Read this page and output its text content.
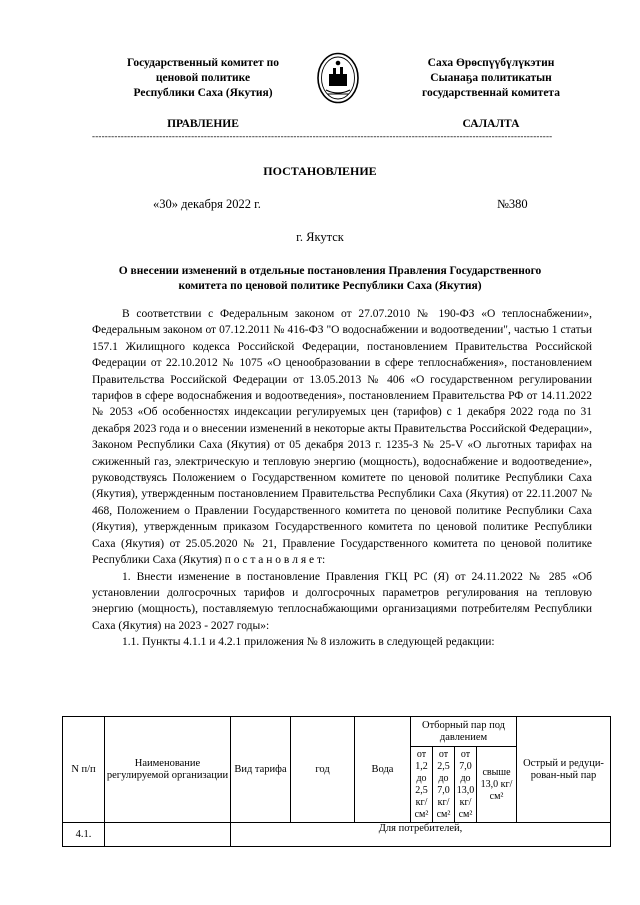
Государственный комитет по
ценовой политике
Республики Саха (Якутия)
Саха Өрөспүүбүлүкэтин
Сыанаҕа политикатын
государственнай комитета
ПРАВЛЕНИЕ	САЛАЛТА
------------------------------------------------------------------------------------------------------------------------------------------------
ПОСТАНОВЛЕНИЕ
«30» декабря 2022 г.	№380
г. Якутск
О внесении изменений в отдельные постановления Правления Государственного комитета по ценовой политике Республики Саха (Якутия)

В соответствии с Федеральным законом от 27.07.2010 № 190-ФЗ «О теплоснабжении», Федеральным законом от 07.12.2011 № 416-ФЗ "О водоснабжении и водоотведении", частью 1 статьи 157.1 Жилищного кодекса Российской Федерации, постановлением Правительства Российской Федерации от 22.10.2012 № 1075 «О ценообразовании в сфере теплоснабжения», постановлением Правительства Российской Федерации от 13.05.2013 № 406 «О государственном регулировании тарифов в сфере водоснабжения и водоотведения», постановлением Правительства РФ от 14.11.2022 № 2053 «Об особенностях индексации регулируемых цен (тарифов) с 1 декабря 2022 года по 31 декабря 2023 года и о внесении изменений в некоторые акты Правительства Российской Федерации», Законом Республики Саха (Якутия) от 05 декабря 2013 г. 1235-З № 25-V «О льготных тарифах на сжиженный газ, электрическую и тепловую энергию (мощность), водоснабжение и водоотведение», руководствуясь Положением о Государственном комитете по ценовой политике Республики Саха (Якутия), утвержденным постановлением Правительства Республики Саха (Якутия) от 22.11.2007 № 468, Положением о Правлении Государственного комитета по ценовой политике Республики Саха (Якутия), утвержденным приказом Государственного комитета по ценовой политике Республики Саха (Якутия) от 25.05.2020 № 21, Правление Государственного комитета по ценовой политике Республики Саха (Якутия) п о с т а н о в л я е т:

1. Внести изменение в постановление Правления ГКЦ РС (Я) от 24.11.2022 № 285 «Об установлении долгосрочных тарифов и долгосрочных параметров регулирования на тепловую энергию (мощность), поставляемую теплоснабжающими организациями потребителям Республики Саха (Якутия) на 2023 - 2027 годы»:

1.1. Пункты 4.1.1 и 4.2.1 приложения № 8 изложить в следующей редакции:

N п/п	Наименование регулируемой организации	Вид тарифа	год	Вода	Отборный пар под давлением				Острый и редуци-рован-ный пар
					от 1,2 до 2,5 кг/см²	от 2,5 до 7,0 кг/ см²	от 7,0 до 13,0 кг/ см²	свыше 13,0 кг/ см²	
4.1.		Для потребителей,							
